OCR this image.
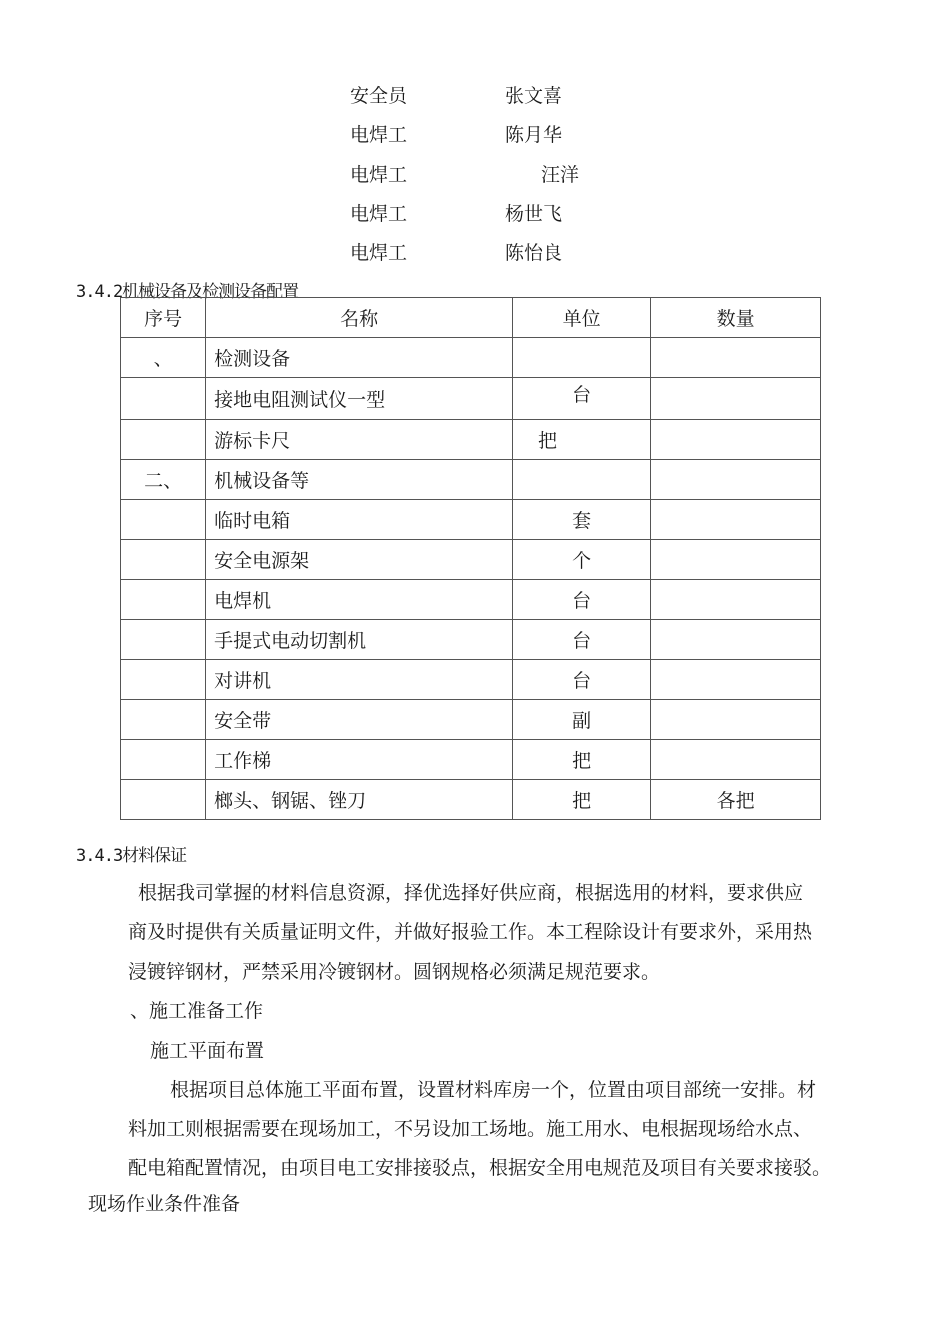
安全员	张文喜
电焊工	陈月华
电焊工	汪洋
电焊工	杨世飞
电焊工	陈怡良
3.4.2机械设备及检测设备配置
序号	名称	单位	数量
、	检测设备		
	接地电阻测试仪一型	台	
	游标卡尺	把	
二、	机械设备等		
	临时电箱	套	
	安全电源架	个	
	电焊机	台	
	手提式电动切割机	台	
	对讲机	台	
	安全带	副	
	工作梯	把	
	榔头、钢锯、锉刀	把	各把
3.4.3材料保证
根据我司掌握的材料信息资源，择优选择好供应商，根据选用的材料，要求供应
商及时提供有关质量证明文件，并做好报验工作。本工程除设计有要求外，采用热
浸镀锌钢材，严禁采用冷镀钢材。圆钢规格必须满足规范要求。
、施工准备工作
施工平面布置
根据项目总体施工平面布置，设置材料库房一个，位置由项目部统一安排。材
料加工则根据需要在现场加工，不另设加工场地。施工用水、电根据现场给水点、
配电箱配置情况，由项目电工安排接驳点，根据安全用电规范及项目有关要求接驳。
现场作业条件准备
